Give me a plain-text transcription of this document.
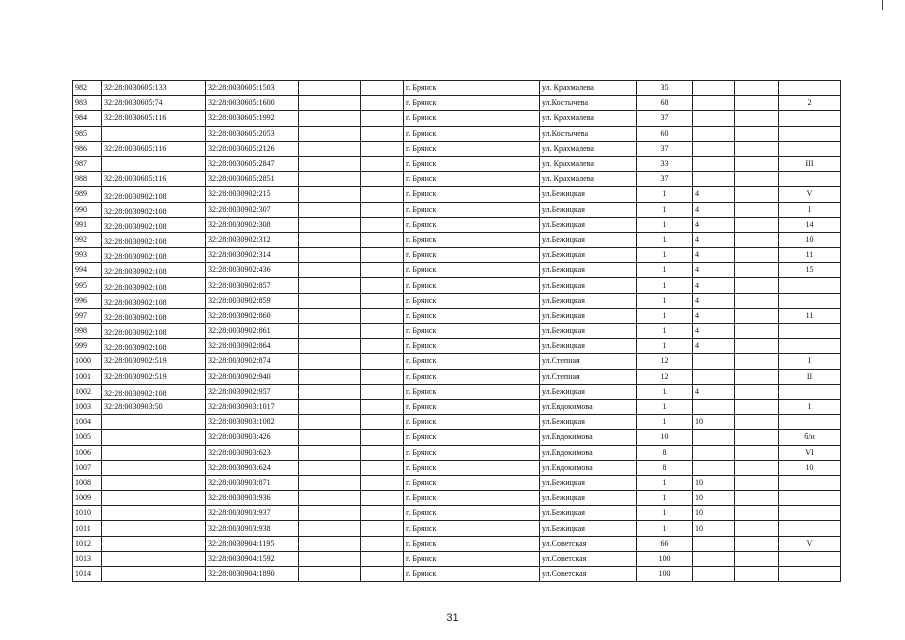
982	32:28:0030605:133	32:28:0030605:1503			г. Брянск	ул. Крахмалева	35			
983	32:28:0030605:74	32:28:0030605:1600			г. Брянск	ул.Костычева	68			2
984	32:28:0030605:116	32:28:0030605:1992			г. Брянск	ул. Крахмалева	37			
985		32:28:0030605:2053			г. Брянск	ул.Костычева	60			
986	32:28:0030605:116	32:28:0030605:2126			г. Брянск	ул. Крахмалева	37			
987		32:28:0030605:2847			г. Брянск	ул. Крахмалева	33			III
988	32:28:0030605:116	32:28:0030605:2851			г. Брянск	ул. Крахмалева	37			
989	32:28:0030902:108	32:28:0030902:215			г. Брянск	ул.Бежицкая	1	4		V
990	32:28:0030902:108	32:28:0030902:307			г. Брянск	ул.Бежицкая	1	4		I
991	32:28:0030902:108	32:28:0030902:308			г. Брянск	ул.Бежицкая	1	4		14
992	32:28:0030902:108	32:28:0030902:312			г. Брянск	ул.Бежицкая	1	4		10
993	32:28:0030902:108	32:28:0030902:314			г. Брянск	ул.Бежицкая	1	4		11
994	32:28:0030902:108	32:28:0030902:436			г. Брянск	ул.Бежицкая	1	4		15
995	32:28:0030902:108	32:28:0030902:857			г. Брянск	ул.Бежицкая	1	4		
996	32:28:0030902:108	32:28:0030902:859			г. Брянск	ул.Бежицкая	1	4		
997	32:28:0030902:108	32:28:0030902:860			г. Брянск	ул.Бежицкая	1	4		11
998	32:28:0030902:108	32:28:0030902:861			г. Брянск	ул.Бежицкая	1	4		
999	32:28:0030902:108	32:28:0030902:864			г. Брянск	ул.Бежицкая	1	4		
1000	32:28:0030902:519	32:28:0030902:874			г. Брянск	ул.Степная	12			I
1001	32:28:0030902:519	32:28:0030902:940			г. Брянск	ул.Степная	12			II
1002	32:28:0030902:108	32:28:0030902:957			г. Брянск	ул.Бежицкая	1	4		
1003	32:28:0030903:50	32:28:0030903:1017			г. Брянск	ул.Евдокимова	1			I
1004		32:28:0030903:1082			г. Брянск	ул.Бежицкая	1	10		
1005		32:28:0030903:426			г. Брянск	ул.Евдокимова	10			б/н
1006		32:28:0030903:623			г. Брянск	ул.Евдокимова	8			VI
1007		32:28:0030903:624			г. Брянск	ул.Евдокимова	8			10
1008		32:28:0030903:871			г. Брянск	ул.Бежицкая	1	10		
1009		32:28:0030903:936			г. Брянск	ул.Бежицкая	1	10		
1010		32:28:0030903:937			г. Брянск	ул.Бежицкая	1	10		
1011		32:28:0030903:938			г. Брянск	ул.Бежицкая	1	10		
1012		32:28:0030904:1195			г. Брянск	ул.Советская	66			V
1013		32:28:0030904:1592			г. Брянск	ул.Советская	100			
1014		32:28:0030904:1890			г. Брянск	ул.Советская	100			
31
